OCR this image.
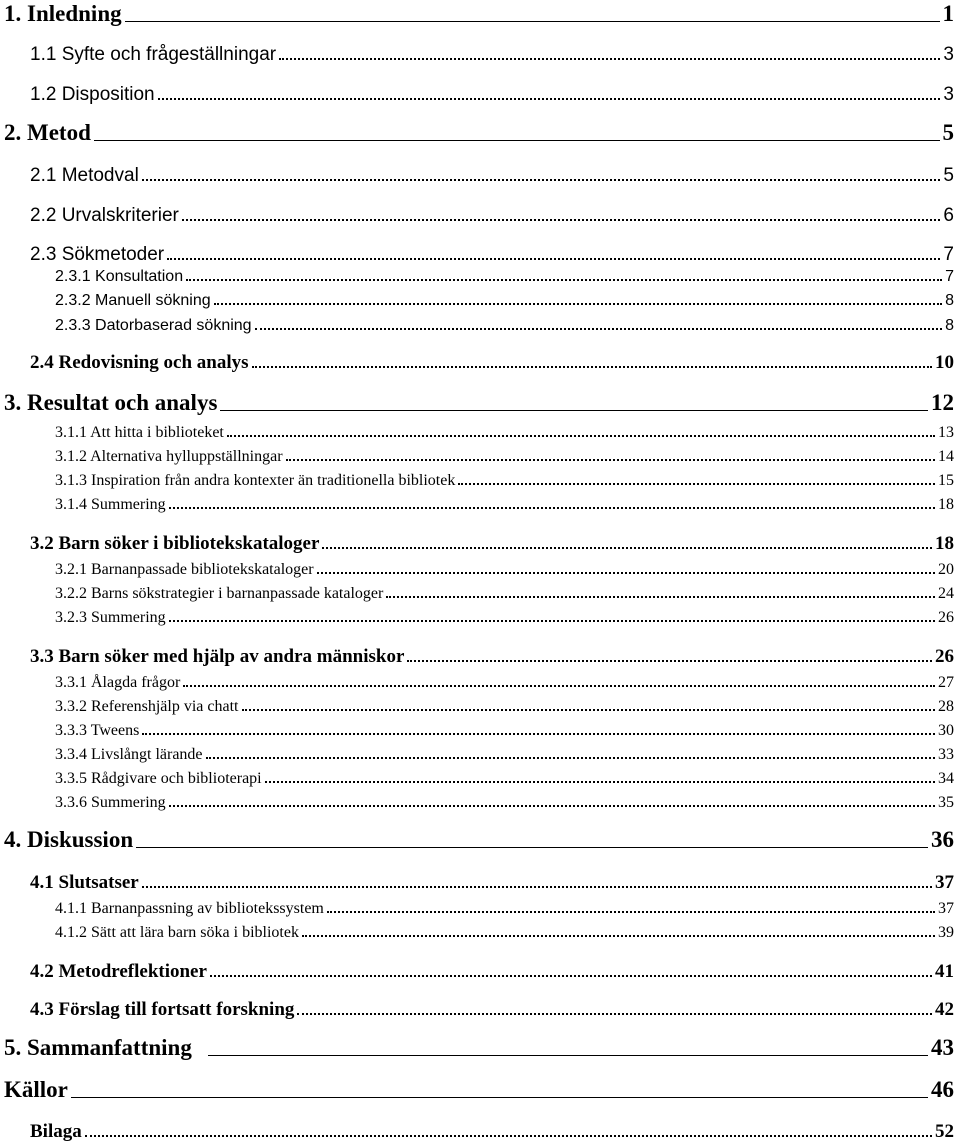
1. Inledning	1
1.1 Syfte och frågeställningar	3
1.2 Disposition	3
2. Metod	5
2.1 Metodval	5
2.2 Urvalskriterier	6
2.3 Sökmetoder	7
2.3.1 Konsultation	7
2.3.2 Manuell sökning	8
2.3.3 Datorbaserad sökning	8
2.4 Redovisning och analys	10
3. Resultat och analys	12
3.1.1 Att hitta i biblioteket	13
3.1.2 Alternativa hylluppställningar	14
3.1.3 Inspiration från andra kontexter än traditionella bibliotek	15
3.1.4 Summering	18
3.2 Barn söker i bibliotekskataloger	18
3.2.1 Barnanpassade bibliotekskataloger	20
3.2.2 Barns sökstrategier i barnanpassade kataloger	24
3.2.3 Summering	26
3.3 Barn söker med hjälp av andra människor	26
3.3.1 Ålagda frågor	27
3.3.2 Referenshjälp via chatt	28
3.3.3 Tweens	30
3.3.4 Livslångt lärande	33
3.3.5 Rådgivare och biblioterapi	34
3.3.6 Summering	35
4. Diskussion	36
4.1 Slutsatser	37
4.1.1 Barnanpassning av bibliotekssystem	37
4.1.2 Sätt att lära barn söka i bibliotek	39
4.2 Metodreflektioner	41
4.3 Förslag till fortsatt forskning	42
5. Sammanfattning	43
Källor	46
Bilaga	52
